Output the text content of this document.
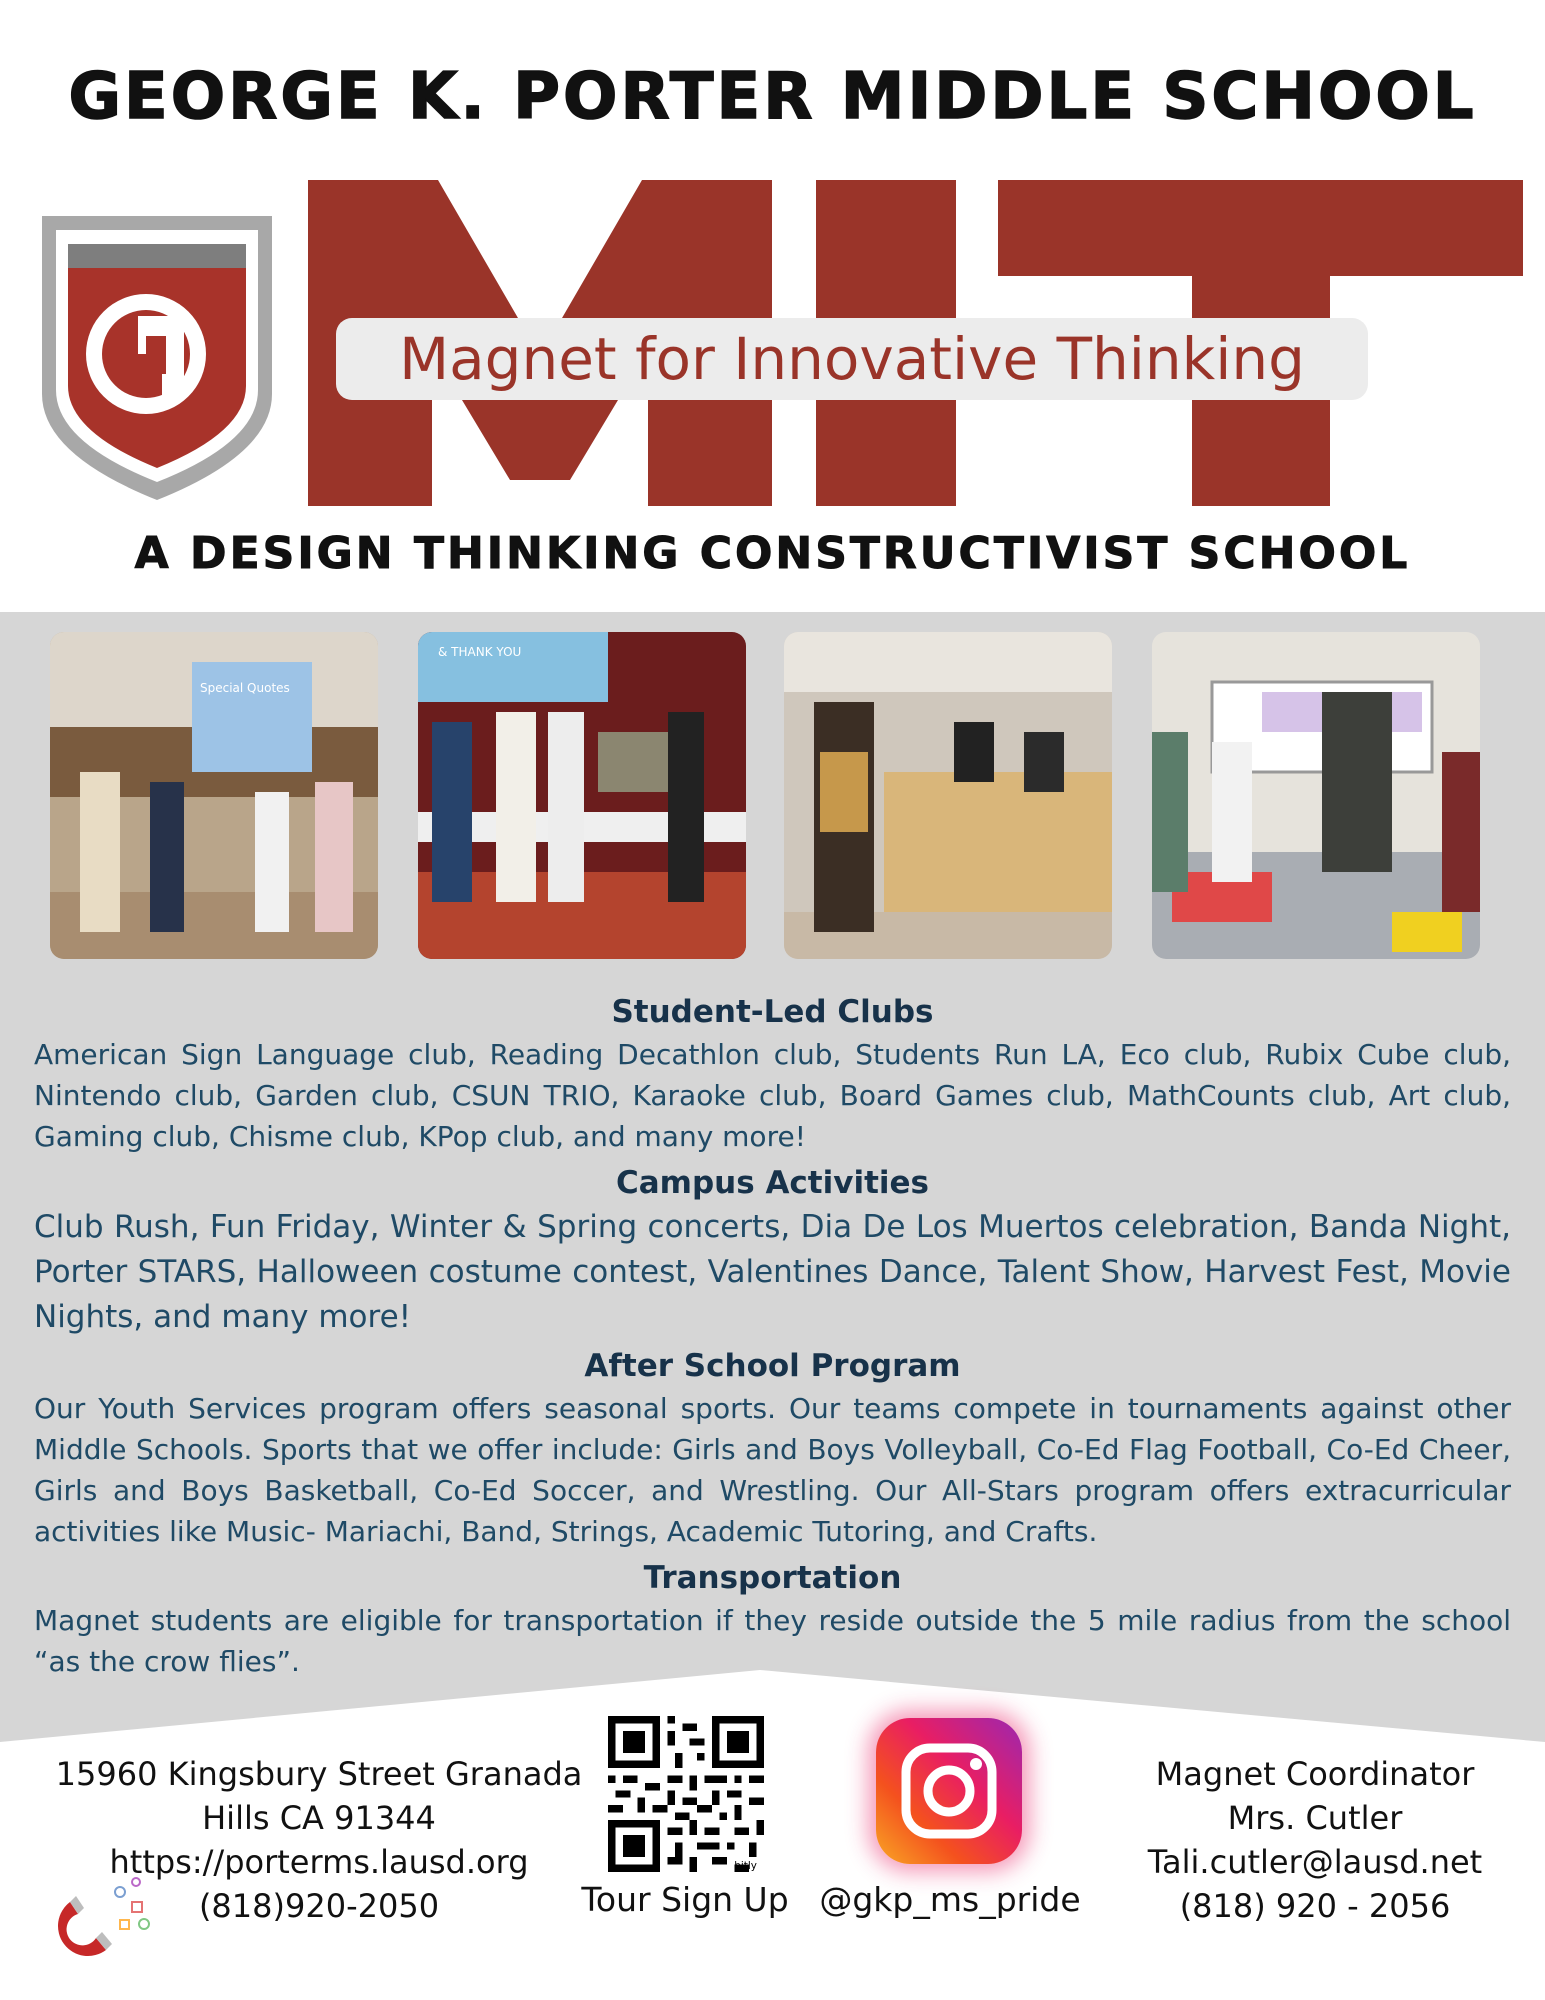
GEORGE K. PORTER MIDDLE SCHOOL
Magnet for Innovative Thinking
A DESIGN THINKING CONSTRUCTIVIST SCHOOL
Special Quotes
& THANK YOU
Student-Led Clubs

American Sign Language club, Reading Decathlon club, Students Run LA, Eco club, Rubix Cube club, Nintendo club, Garden club, CSUN TRIO, Karaoke club, Board Games club, MathCounts club, Art club, Gaming club, Chisme club, KPop club, and many more!

Campus Activities

Club Rush, Fun Friday, Winter & Spring concerts, Dia De Los Muertos celebration, Banda Night, Porter STARS, Halloween costume contest, Valentines Dance, Talent Show, Harvest Fest, Movie Nights, and many more!

After School Program

Our Youth Services program offers seasonal sports. Our teams compete in tournaments against other Middle Schools. Sports that we offer include: Girls and Boys Volleyball, Co-Ed Flag Football, Co-Ed Cheer, Girls and Boys Basketball, Co-Ed Soccer, and Wrestling. Our All-Stars program offers extracurricular activities like Music- Mariachi, Band, Strings, Academic Tutoring, and Crafts.

Transportation

Magnet students are eligible for transportation if they reside outside the 5 mile radius from the school “as the crow flies”.

15960 Kingsbury Street Granada
Hills CA 91344
https://porterms.lausd.org
(818)920-2050
bitly
Tour Sign Up @gkp_ms_pride
Magnet Coordinator
Mrs. Cutler
Tali.cutler@lausd.net
(818) 920 - 2056
